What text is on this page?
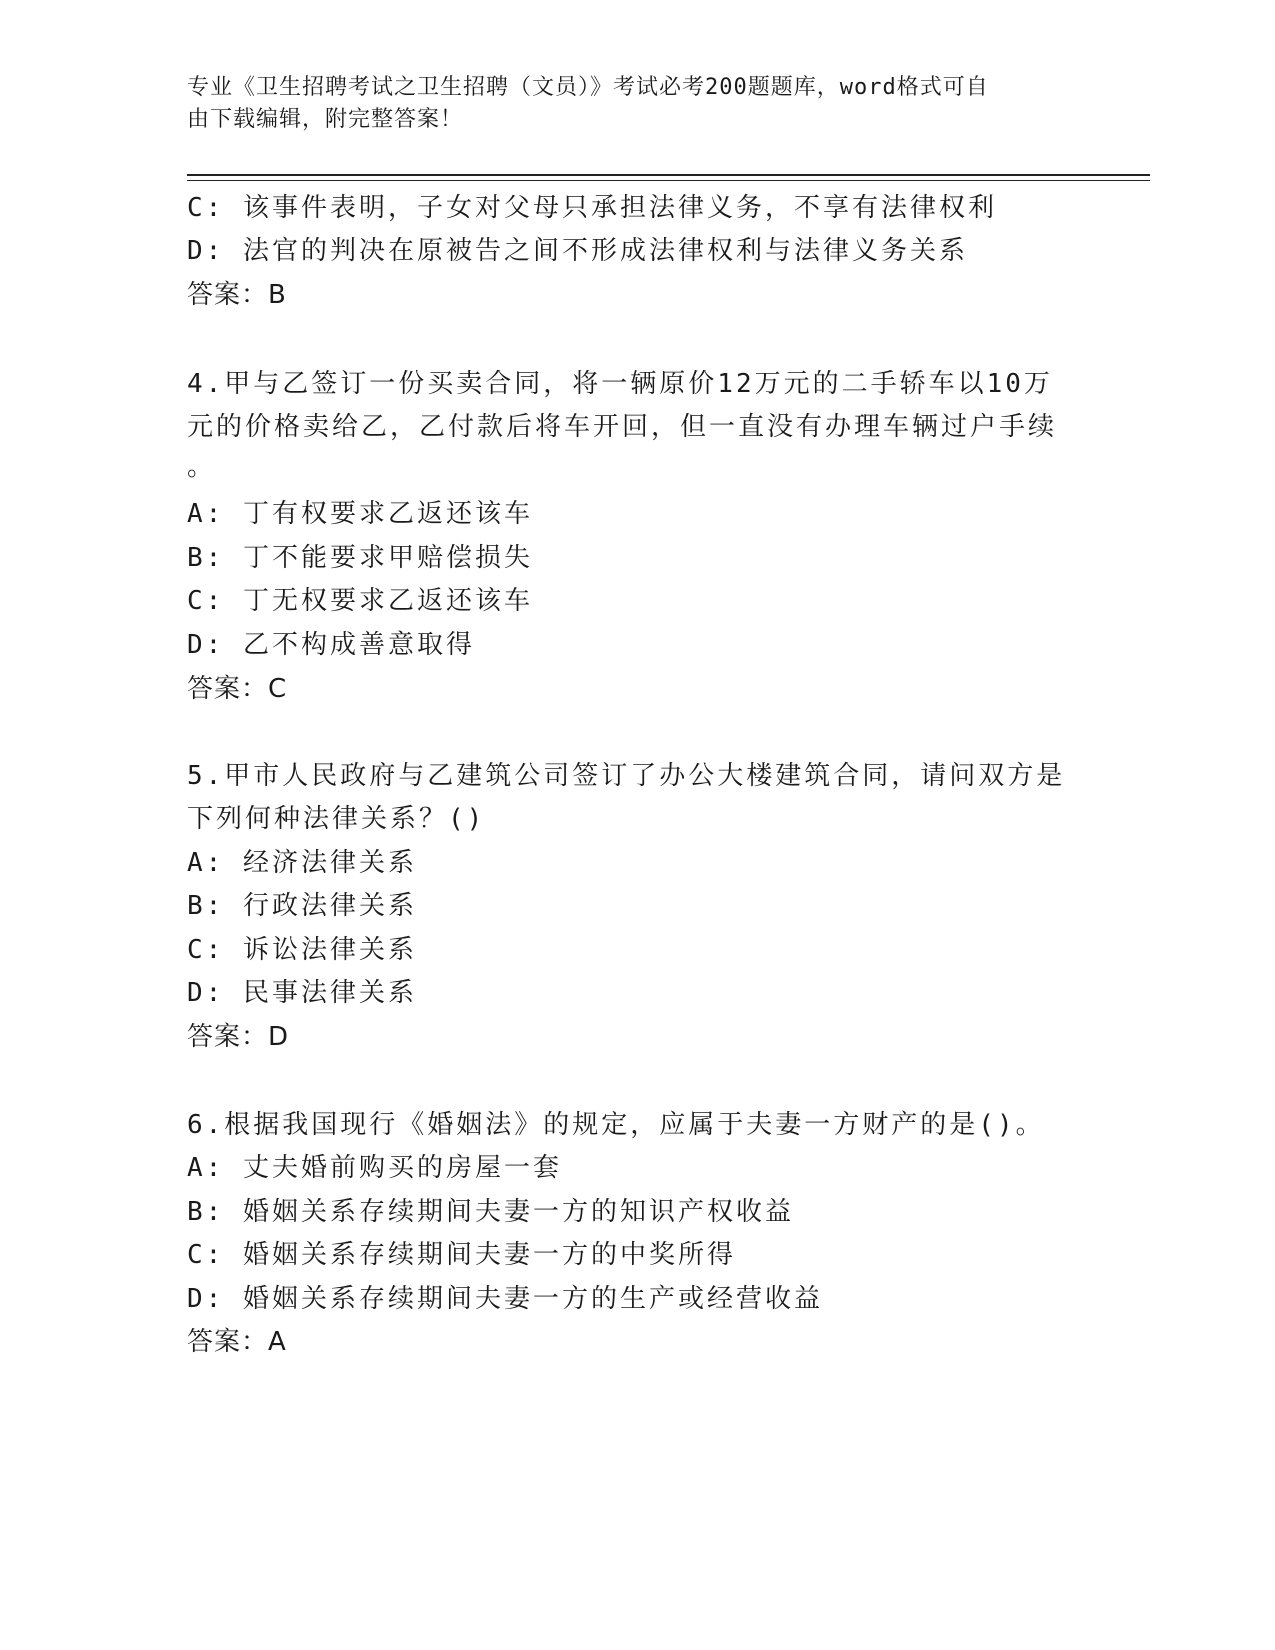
专业《卫生招聘考试之卫生招聘（文员）》考试必考200题题库，word格式可自
由下载编辑，附完整答案！
C: 该事件表明，子女对父母只承担法律义务，不享有法律权利
D: 法官的判决在原被告之间不形成法律权利与法律义务关系
答案：B
4.甲与乙签订一份买卖合同，将一辆原价12万元的二手轿车以10万
元的价格卖给乙，乙付款后将车开回，但一直没有办理车辆过户手续
。
A: 丁有权要求乙返还该车
B: 丁不能要求甲赔偿损失
C: 丁无权要求乙返还该车
D: 乙不构成善意取得
答案：C
5.甲市人民政府与乙建筑公司签订了办公大楼建筑合同，请问双方是
下列何种法律关系？()
A: 经济法律关系
B: 行政法律关系
C: 诉讼法律关系
D: 民事法律关系
答案：D
6.根据我国现行《婚姻法》的规定，应属于夫妻一方财产的是()。
A: 丈夫婚前购买的房屋一套
B: 婚姻关系存续期间夫妻一方的知识产权收益
C: 婚姻关系存续期间夫妻一方的中奖所得
D: 婚姻关系存续期间夫妻一方的生产或经营收益
答案：A
